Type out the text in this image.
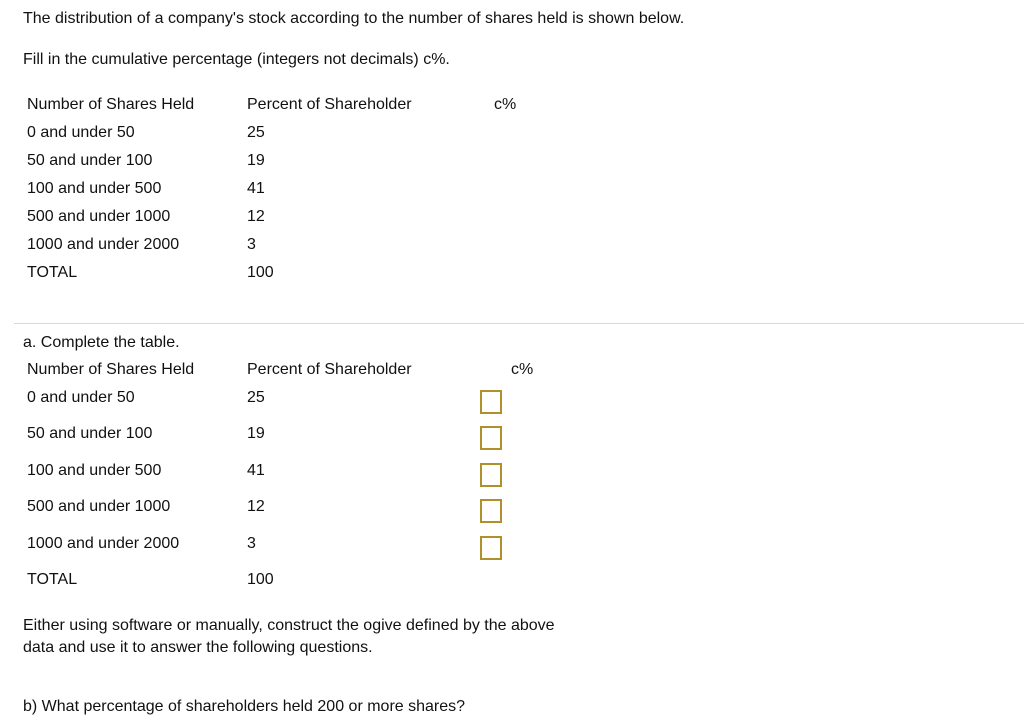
The distribution of a company's stock according to the number of shares held is shown below.
Fill in the cumulative percentage (integers not decimals) c%.
Number of Shares Held	Percent of Shareholder	c%
0 and under 50	25
50 and under 100	19
100 and under 500	41
500 and under 1000	12
1000 and under 2000	3
TOTAL	100
a. Complete the table.
Number of Shares Held	Percent of Shareholder	c%
0 and under 50	25
50 and under 100	19
100 and under 500	41
500 and under 1000	12
1000 and under 2000	3
TOTAL	100
Either using software or manually, construct the ogive defined by the above
data and use it to answer the following questions.
b) What percentage of shareholders held 200 or more shares?
